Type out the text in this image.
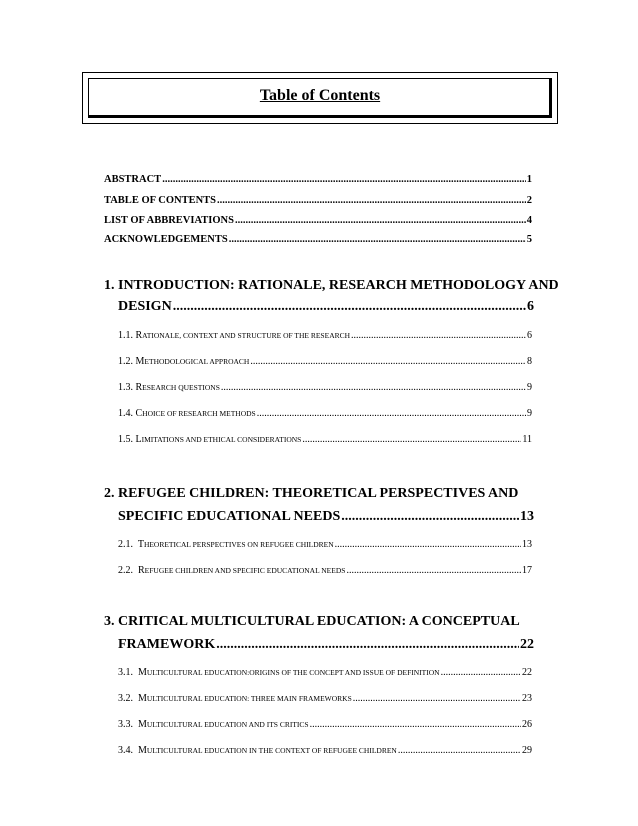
Table of Contents
ABSTRACT .....	1
TABLE OF CONTENTS .....	2
LIST OF ABBREVIATIONS .....	4
ACKNOWLEDGEMENTS .....	5
1. INTRODUCTION: RATIONALE, RESEARCH METHODOLOGY AND
DESIGN .....	6
1.1. RATIONALE, CONTEXT AND STRUCTURE OF THE RESEARCH .....	6
1.2. METHODOLOGICAL APPROACH .....	8
1.3. RESEARCH QUESTIONS .....	9
1.4. CHOICE OF RESEARCH METHODS .....	9
1.5. LIMITATIONS AND ETHICAL CONSIDERATIONS .....	11
2. REFUGEE CHILDREN: THEORETICAL PERSPECTIVES AND
SPECIFIC EDUCATIONAL NEEDS .....	13
2.1. THEORETICAL PERSPECTIVES ON REFUGEE CHILDREN .....	13
2.2. REFUGEE CHILDREN AND SPECIFIC EDUCATIONAL NEEDS .....	17
3. CRITICAL MULTICULTURAL EDUCATION: A CONCEPTUAL
FRAMEWORK .....	22
3.1. MULTICULTURAL EDUCATION:ORIGINS OF THE CONCEPT AND ISSUE OF DEFINITION .....	22
3.2. MULTICULTURAL EDUCATION: THREE MAIN FRAMEWORKS .....	23
3.3. MULTICULTURAL EDUCATION AND ITS CRITICS .....	26
3.4. MULTICULTURAL EDUCATION IN THE CONTEXT OF REFUGEE CHILDREN .....	29
